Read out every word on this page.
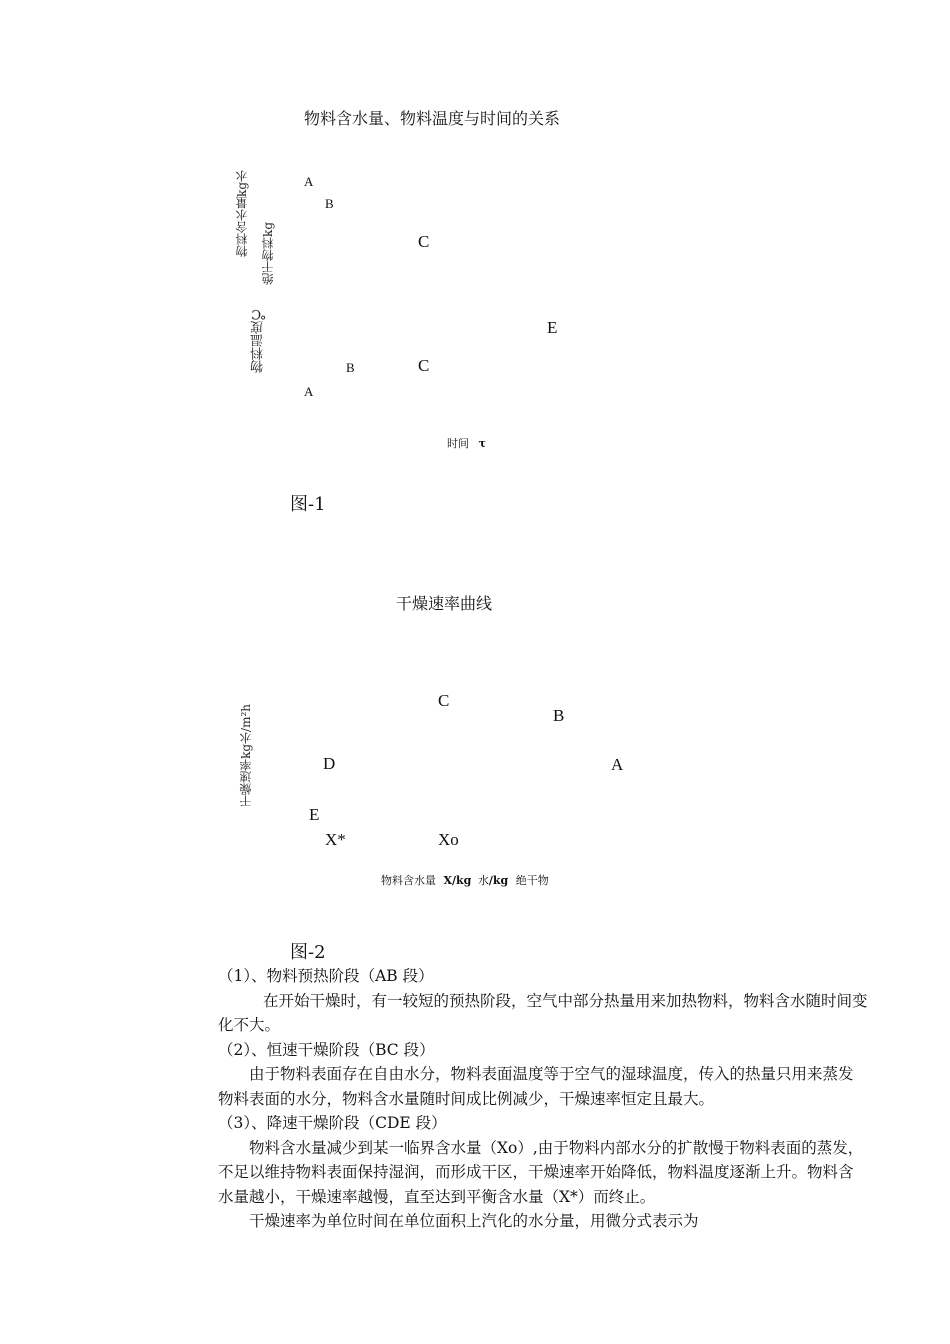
物料含水量、物料温度与时间的关系
物料含水量kg水 绝干物料kg
A
B
C
物料温度℃	E
C
B
A
时间 τ
图-1
干燥速率曲线
干燥速率kg水/m²h
C
B
D	A
E
X*	Xo
物料含水量 X/kg 水/kg 绝干物
图-2

（1）、物料预热阶段（AB 段）

在开始干燥时，有一较短的预热阶段，空气中部分热量用来加热物料，物料含水随时间变化不大。

（2）、恒速干燥阶段（BC 段）

由于物料表面存在自由水分，物料表面温度等于空气的湿球温度，传入的热量只用来蒸发物料表面的水分，物料含水量随时间成比例减少，干燥速率恒定且最大。

（3）、降速干燥阶段（CDE 段）

物料含水量减少到某一临界含水量（Xo）,由于物料内部水分的扩散慢于物料表面的蒸发，不足以维持物料表面保持湿润，而形成干区，干燥速率开始降低，物料温度逐渐上升。物料含水量越小，干燥速率越慢，直至达到平衡含水量（X*）而终止。

干燥速率为单位时间在单位面积上汽化的水分量，用微分式表示为
